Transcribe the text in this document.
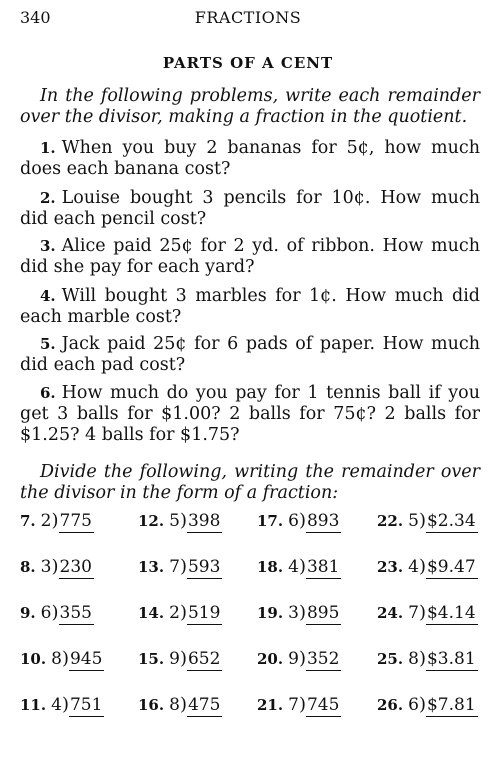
340	FRACTIONS
PARTS OF A CENT
In the following problems, write each remainder over the divisor, making a fraction in the quotient.
1. When you buy 2 bananas for 5¢, how much does each banana cost?
2. Louise bought 3 pencils for 10¢. How much did each pencil cost?
3. Alice paid 25¢ for 2 yd. of ribbon. How much did she pay for each yard?
4. Will bought 3 marbles for 1¢. How much did each marble cost?
5. Jack paid 25¢ for 6 pads of paper. How much did each pad cost?
6. How much do you pay for 1 tennis ball if you get 3 balls for $1.00? 2 balls for 75¢? 2 balls for $1.25? 4 balls for $1.75?
Divide the following, writing the remainder over the divisor in the form of a fraction:
7. 2)775	12. 5)398 17. 6)893	22. 5)$2.34
8. 3)230	13. 7)593 18. 4)381	23. 4)$9.47
9. 6)355	14. 2)519 19. 3)895	24. 7)$4.14
10. 8)945 15. 9)652 20. 9)352	25. 8)$3.81
11. 4)751 16. 8)475 21. 7)745	26. 6)$7.81
